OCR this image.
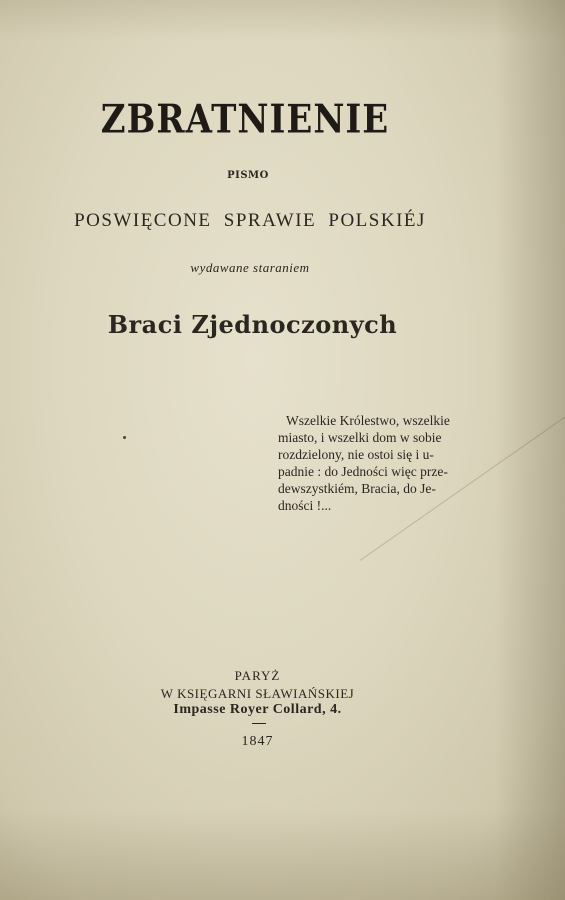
ZBRATNIENIE
PISMO
POSWIĘCONE SPRAWIE POLSKIÉJ
wydawane staraniem
Braci Zjednoczonych
Wszelkie Królestwo, wszelkie
miasto, i wszelki dom w sobie
rozdzielony, nie ostoi się i u-
padnie : do Jedności więc prze-
dewszystkiém, Bracia, do Je-
dności !...
PARYŻ
W KSIĘGARNI SŁAWIAŃSKIEJ
Impasse Royer Collard, 4.
1847
